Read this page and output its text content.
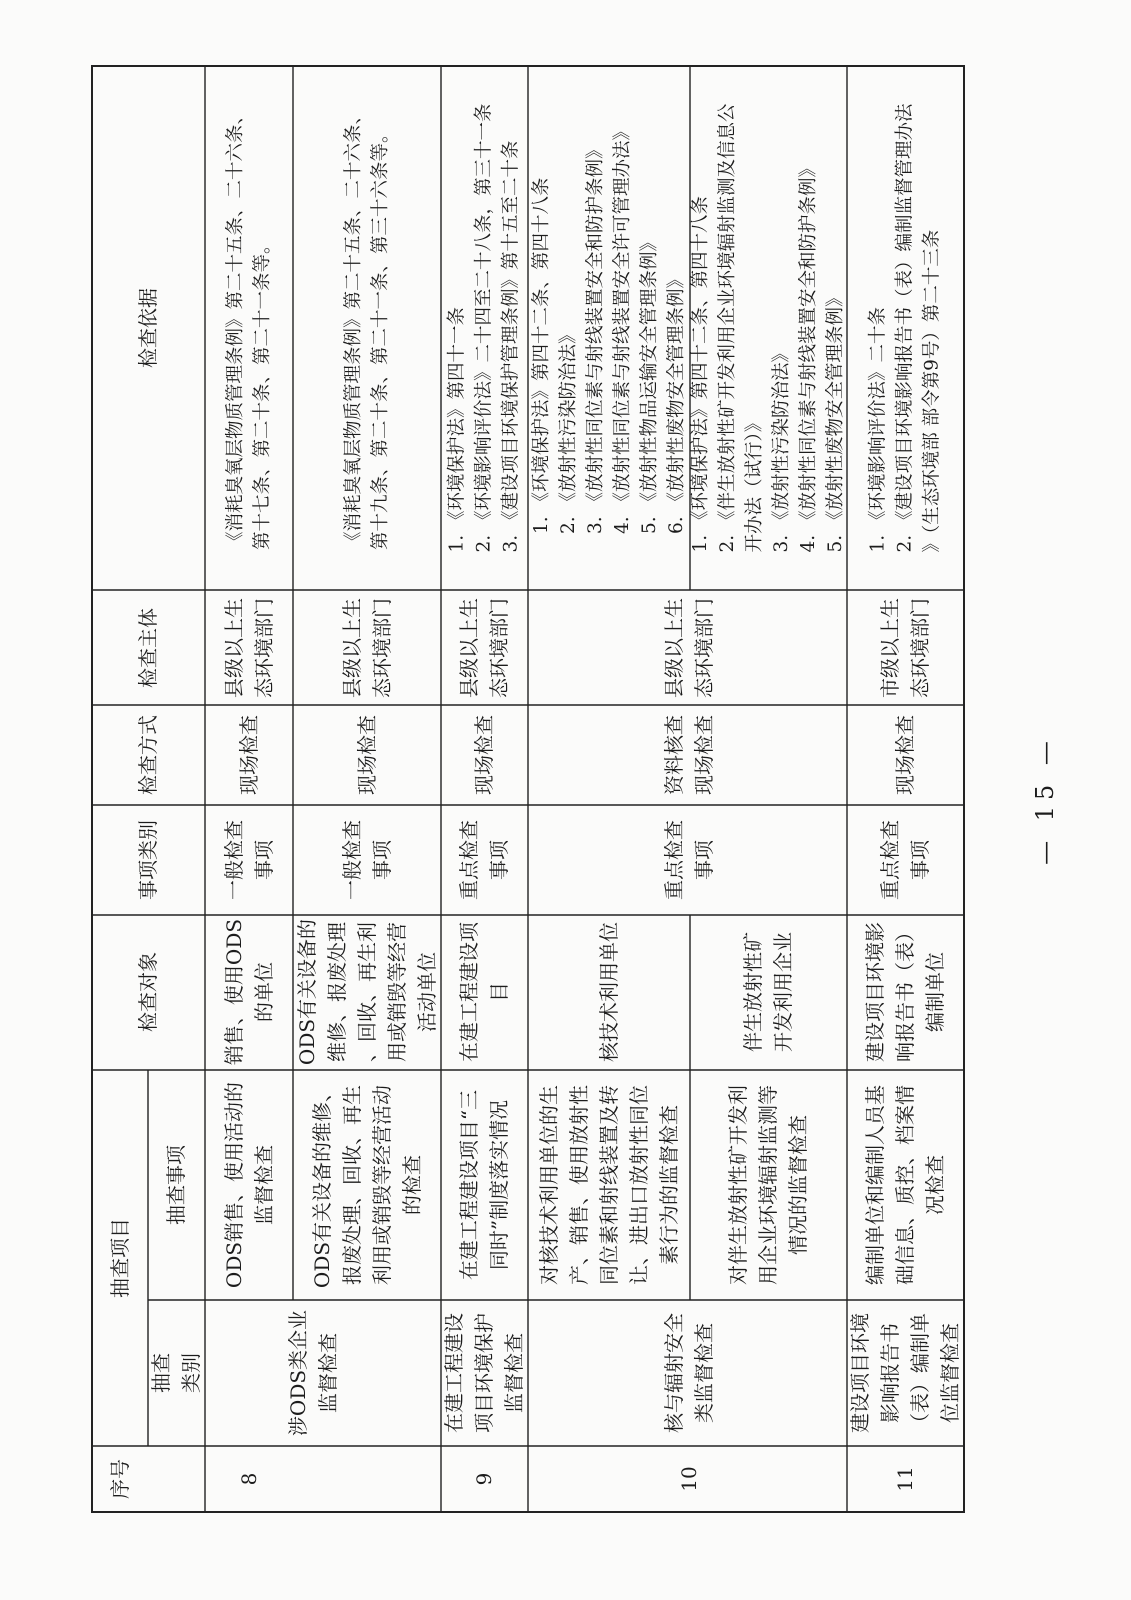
序号
抽查项目
抽查 类别
抽查事项
检查对象
事项类别
检查方式
检查主体
检查依据
8
涉ODS类企业 监督检查
ODS销售、使用活动的 监督检查
销售、使用ODS 的单位
一般检查 事项
现场检查
县级以上生 态环境部门
《消耗臭氧层物质管理条例》第二十五条、二十六条、 第十七条、第二十条、第二十一条等。
ODS有关设备的维修、 报废处理、回收、再生 利用或销毁等经营活动 的检查
ODS有关设备的 维修、报废处理 、回收、再生利 用或销毁等经营 活动单位
一般检查 事项
现场检查
县级以上生 态环境部门
《消耗臭氧层物质管理条例》第二十五条、二十六条、 第十九条、第二十条、第二十一条、第三十六条等。
9
在建工程建设 项目环境保护 监督检查
在建工程建设项目“三 同时”制度落实情况
在建工程建设项 目
重点检查 事项
现场检查
县级以上生 态环境部门
1. 《环境保护法》第四十一条 2. 《环境影响评价法》二十四至二十八条，第三十一条 3. 《建设项目环境保护管理条例》第十五至二十条
10
核与辐射安全 类监督检查
重点检查 事项
资料核查 现场检查
县级以上生 态环境部门
对核技术利用单位的生 产、销售、使用放射性 同位素和射线装置及转 让、进出口放射性同位 素行为的监督检查
核技术利用单位
1. 《环境保护法》第四十二条、第四十八条 2. 《放射性污染防治法》 3. 《放射性同位素与射线装置安全和防护条例》 4. 《放射性同位素与射线装置安全许可管理办法》 5. 《放射性物品运输安全管理条例》 6. 《放射性废物安全管理条例》
对伴生放射性矿开发利 用企业环境辐射监测等 情况的监督检查
伴生放射性矿 开发利用企业
1. 《环境保护法》第四十二条、第四十八条 2. 《伴生放射性矿开发利用企业环境辐射监测及信息公 开办法（试行）》 3. 《放射性污染防治法》 4. 《放射性同位素与射线装置安全和防护条例》 5. 《放射性废物安全管理条例》
11
建设项目环境 影响报告书 （表）编制单 位监督检查
编制单位和编制人员基 础信息、质控、档案情 况检查
建设项目环境影 响报告书（表） 编制单位
重点检查 事项
现场检查
市级以上生 态环境部门
1. 《环境影响评价法》二十条 2. 《建设项目环境影响报告书（表）编制监督管理办法 》（生态环境部 部令第9号）第二十三条
— 15 —
